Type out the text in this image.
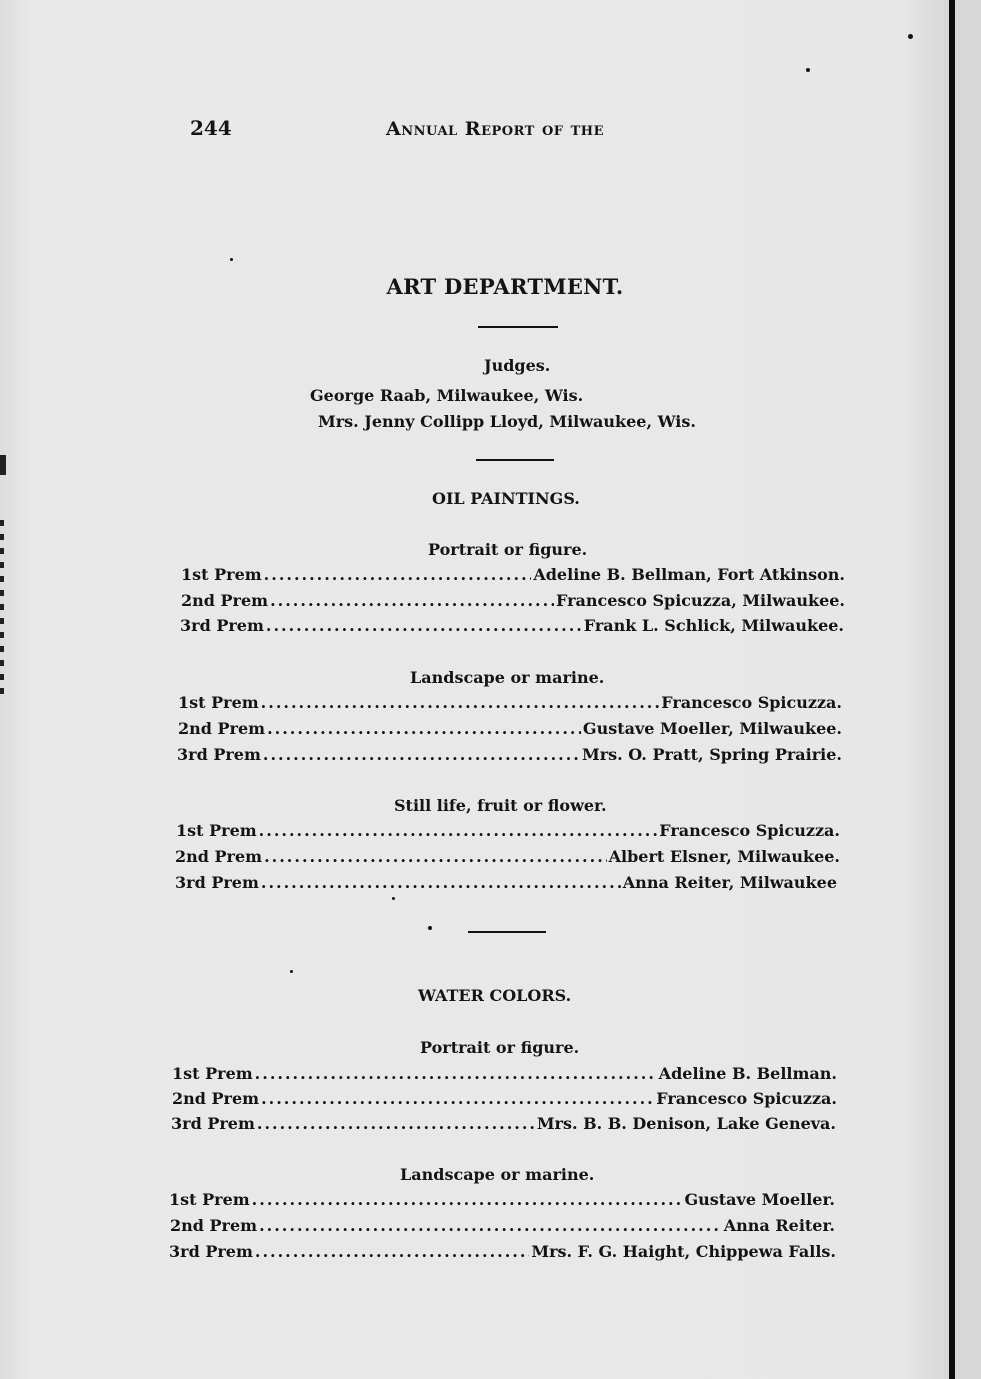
244	Annual Report of the
ART DEPARTMENT.
Judges.
George Raab, Milwaukee, Wis.
Mrs. Jenny Collipp Lloyd, Milwaukee, Wis.
OIL PAINTINGS.
Portrait or figure.
1st Prem .....	Adeline B. Bellman, Fort Atkinson.
2nd Prem .....	Francesco Spicuzza, Milwaukee.
3rd Prem .....	Frank L. Schlick, Milwaukee.
Landscape or marine.
1st Prem .....	Francesco Spicuzza.
2nd Prem .....	Gustave Moeller, Milwaukee.
3rd Prem .....	Mrs. O. Pratt, Spring Prairie.
Still life, fruit or flower.
1st Prem .....	Francesco Spicuzza.
2nd Prem .....	Albert Elsner, Milwaukee.
3rd Prem .....	Anna Reiter, Milwaukee
WATER COLORS.
Portrait or figure.
1st Prem .....	Adeline B. Bellman.
2nd Prem .....	Francesco Spicuzza.
3rd Prem .....	Mrs. B. B. Denison, Lake Geneva.
Landscape or marine.
1st Prem .....	Gustave Moeller.
2nd Prem .....	Anna Reiter.
3rd Prem .....	Mrs. F. G. Haight, Chippewa Falls.
